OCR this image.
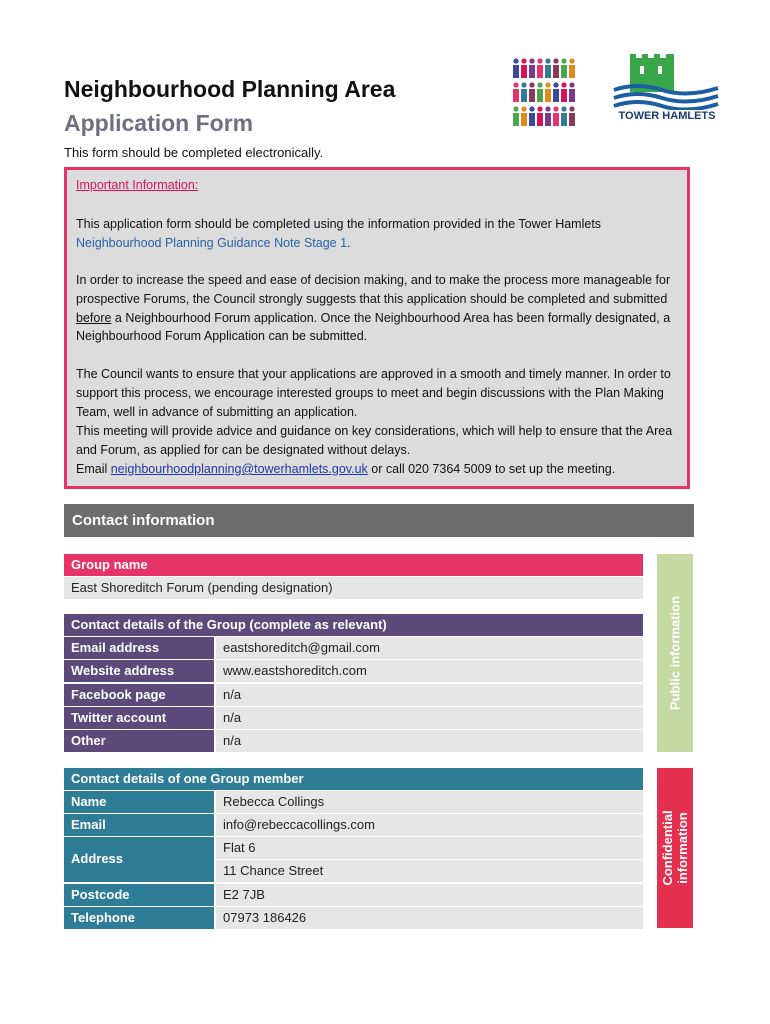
Neighbourhood Planning Area
Application Form
This form should be completed electronically.
TOWER HAMLETS
Important Information:

This application form should be completed using the information provided in the Tower Hamlets Neighbourhood Planning Guidance Note Stage 1.

In order to increase the speed and ease of decision making, and to make the process more manageable for prospective Forums, the Council strongly suggests that this application should be completed and submitted before a Neighbourhood Forum application. Once the Neighbourhood Area has been formally designated, a Neighbourhood Forum Application can be submitted.

The Council wants to ensure that your applications are approved in a smooth and timely manner. In order to support this process, we encourage interested groups to meet and begin discussions with the Plan Making Team, well in advance of submitting an application.

This meeting will provide advice and guidance on key considerations, which will help to ensure that the Area and Forum, as applied for can be designated without delays.

Email neighbourhoodplanning@towerhamlets.gov.uk or call 020 7364 5009 to set up the meeting.

Contact information
Group name
East Shoreditch Forum (pending designation)
Contact details of the Group (complete as relevant)
Email address	eastshoreditch@gmail.com
Website address	www.eastshoreditch.com
Facebook page	n/a
Twitter account	n/a
Other	n/a
Public information
Confidential
information
Contact details of one Group member
Name	Rebecca Collings
Email	info@rebeccacollings.com
Address
Flat 6
11 Chance Street
Postcode	E2 7JB
Telephone	07973 186426
